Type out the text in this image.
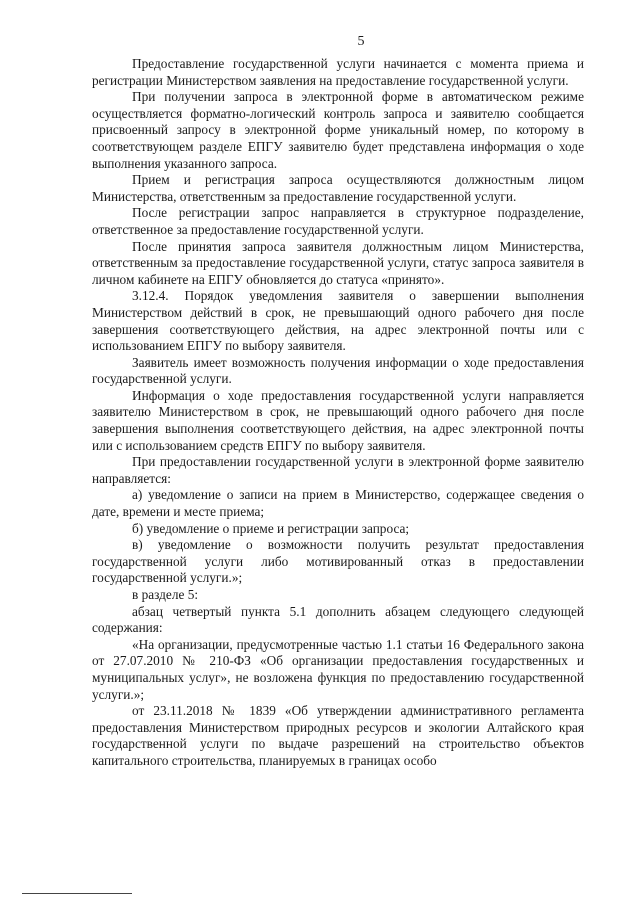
5

Предоставление государственной услуги начинается с момента приема и регистрации Министерством заявления на предоставление государственной услуги.

При получении запроса в электронной форме в автоматическом режиме осуществляется форматно-логический контроль запроса и заявителю сообщается присвоенный запросу в электронной форме уникальный номер, по которому в соответствующем разделе ЕПГУ заявителю будет представлена информация о ходе выполнения указанного запроса.

Прием и регистрация запроса осуществляются должностным лицом Министерства, ответственным за предоставление государственной услуги.

После регистрации запрос направляется в структурное подразделение, ответственное за предоставление государственной услуги.

После принятия запроса заявителя должностным лицом Министерства, ответственным за предоставление государственной услуги, статус запроса заявителя в личном кабинете на ЕПГУ обновляется до статуса «принято».

3.12.4. Порядок уведомления заявителя о завершении выполнения Министерством действий в срок, не превышающий одного рабочего дня после завершения соответствующего действия, на адрес электронной почты или с использованием ЕПГУ по выбору заявителя.

Заявитель имеет возможность получения информации о ходе предоставления государственной услуги.

Информация о ходе предоставления государственной услуги направляется заявителю Министерством в срок, не превышающий одного рабочего дня после завершения выполнения соответствующего действия, на адрес электронной почты или с использованием средств ЕПГУ по выбору заявителя.

При предоставлении государственной услуги в электронной форме заявителю направляется:

а) уведомление о записи на прием в Министерство, содержащее сведения о дате, времени и месте приема;

б) уведомление о приеме и регистрации запроса;

в) уведомление о возможности получить результат предоставления государственной услуги либо мотивированный отказ в предоставлении государственной услуги.»;

в разделе 5:

абзац четвертый пункта 5.1 дополнить абзацем следующего следующей содержания:

«На организации, предусмотренные частью 1.1 статьи 16 Федерального закона от 27.07.2010 № 210-ФЗ «Об организации предоставления государственных и муниципальных услуг», не возложена функция по предоставлению государственной услуги.»;

от 23.11.2018 № 1839 «Об утверждении административного регламента предоставления Министерством природных ресурсов и экологии Алтайского края государственной услуги по выдаче разрешений на строительство объектов капитального строительства, планируемых в границах особо
